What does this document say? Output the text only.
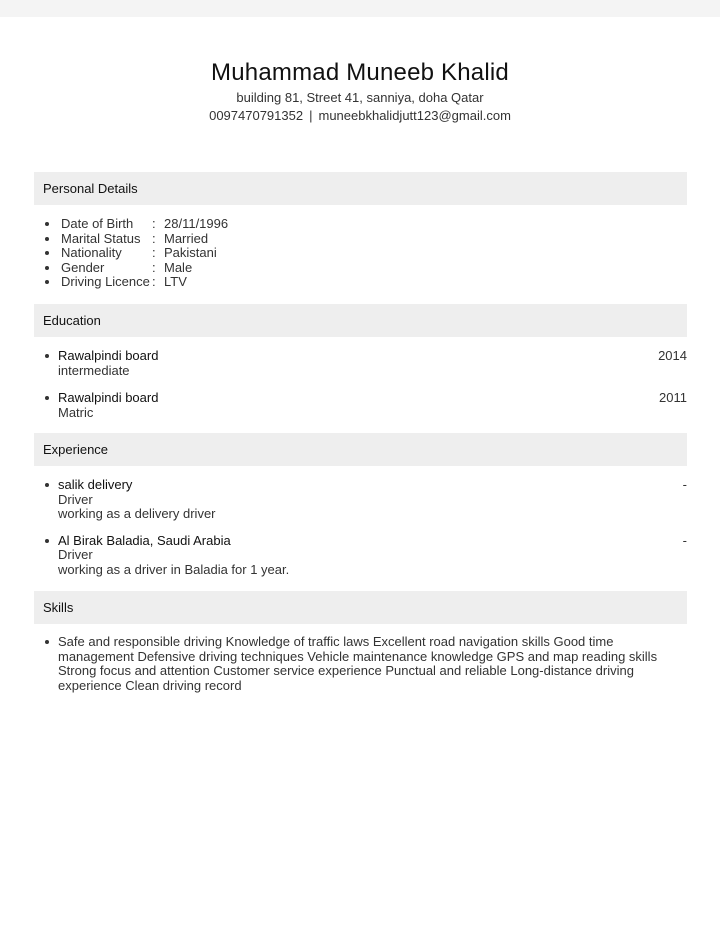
Muhammad Muneeb Khalid
building 81, Street 41, sanniya, doha Qatar
0097470791352 | muneebkhalidjutt123@gmail.com
Personal Details
Date of Birth : 28/11/1996
Marital Status : Married
Nationality : Pakistani
Gender	: Male
Driving Licence : LTV
Education
Rawalpindi board
intermediate
2014
Rawalpindi board
Matric
2011
Experience
salik delivery
Driver
working as a delivery driver
-
Al Birak Baladia, Saudi Arabia
Driver
working as a driver in Baladia for 1 year.
-
Skills
Safe and responsible driving Knowledge of traffic laws Excellent road navigation skills Good time management Defensive driving techniques Vehicle maintenance knowledge GPS and map reading skills Strong focus and attention Customer service experience Punctual and reliable Long-distance driving experience Clean driving record
